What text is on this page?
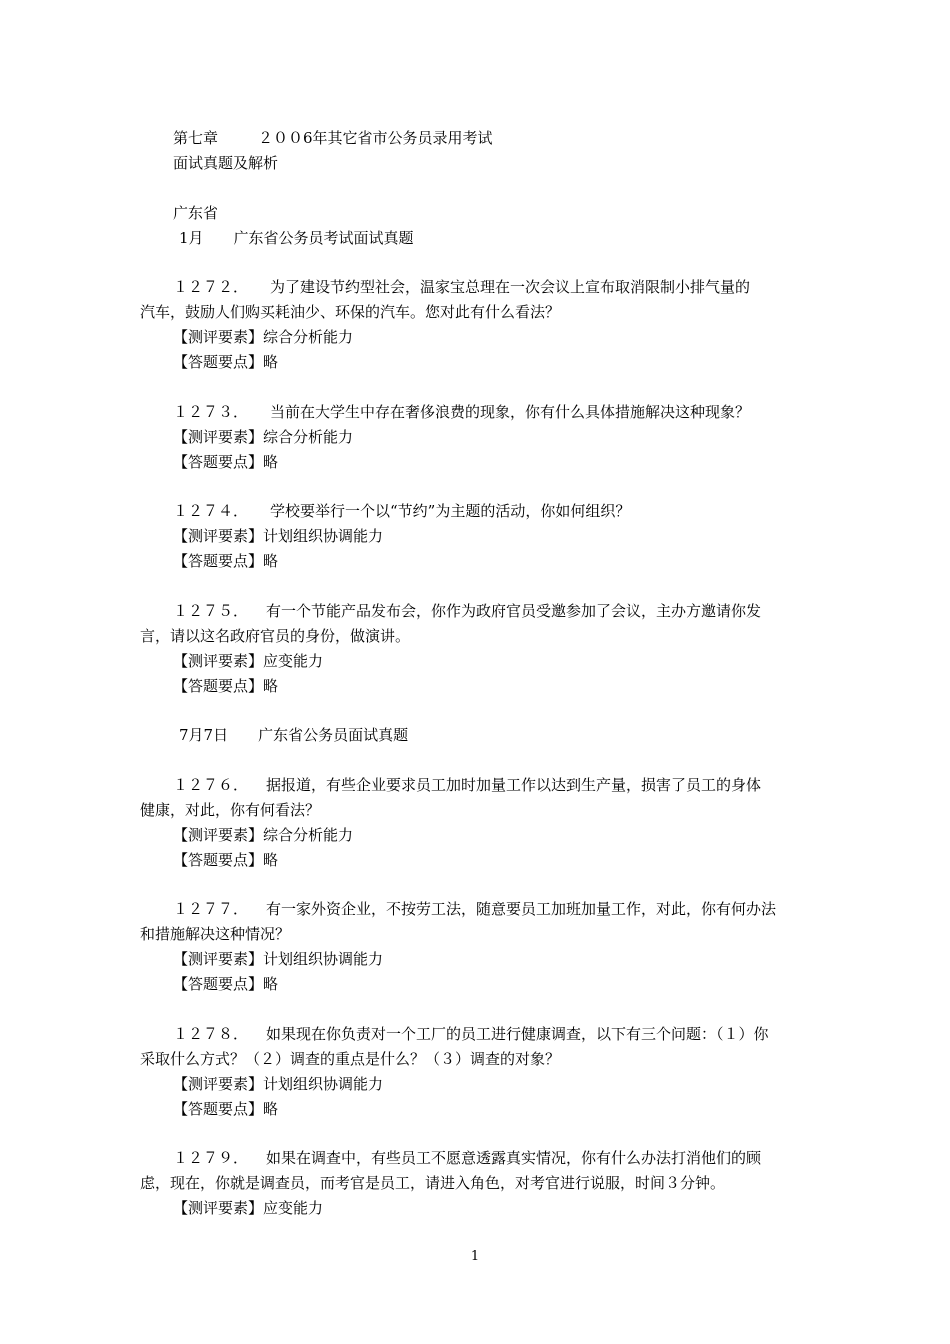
第七章	２００6年其它省市公务员录用考试
面试真题及解析
广东省
1月 广东省公务员考试面试真题
１２７２． 为了建设节约型社会，温家宝总理在一次会议上宣布取消限制小排气量的
汽车，鼓励人们购买耗油少、环保的汽车。您对此有什么看法？
【测评要素】综合分析能力
【答题要点】略
１２７３． 当前在大学生中存在奢侈浪费的现象，你有什么具体措施解决这种现象？
【测评要素】综合分析能力
【答题要点】略
１２７４． 学校要举行一个以“节约”为主题的活动，你如何组织？
【测评要素】计划组织协调能力
【答题要点】略
１２７５． 有一个节能产品发布会，你作为政府官员受邀参加了会议，主办方邀请你发
言，请以这名政府官员的身份，做演讲。
【测评要素】应变能力
【答题要点】略
7月7日 广东省公务员面试真题
１２７６． 据报道，有些企业要求员工加时加量工作以达到生产量，损害了员工的身体
健康，对此，你有何看法？
【测评要素】综合分析能力
【答题要点】略
１２７７． 有一家外资企业，不按劳工法，随意要员工加班加量工作，对此，你有何办法
和措施解决这种情况？
【测评要素】计划组织协调能力
【答题要点】略
１２７８． 如果现在你负责对一个工厂的员工进行健康调查，以下有三个问题：（１）你
采取什么方式？（２）调查的重点是什么？（３）调查的对象？
【测评要素】计划组织协调能力
【答题要点】略
１２７９． 如果在调查中，有些员工不愿意透露真实情况，你有什么办法打消他们的顾
虑，现在，你就是调查员，而考官是员工，请进入角色，对考官进行说服，时间３分钟。
【测评要素】应变能力
1
